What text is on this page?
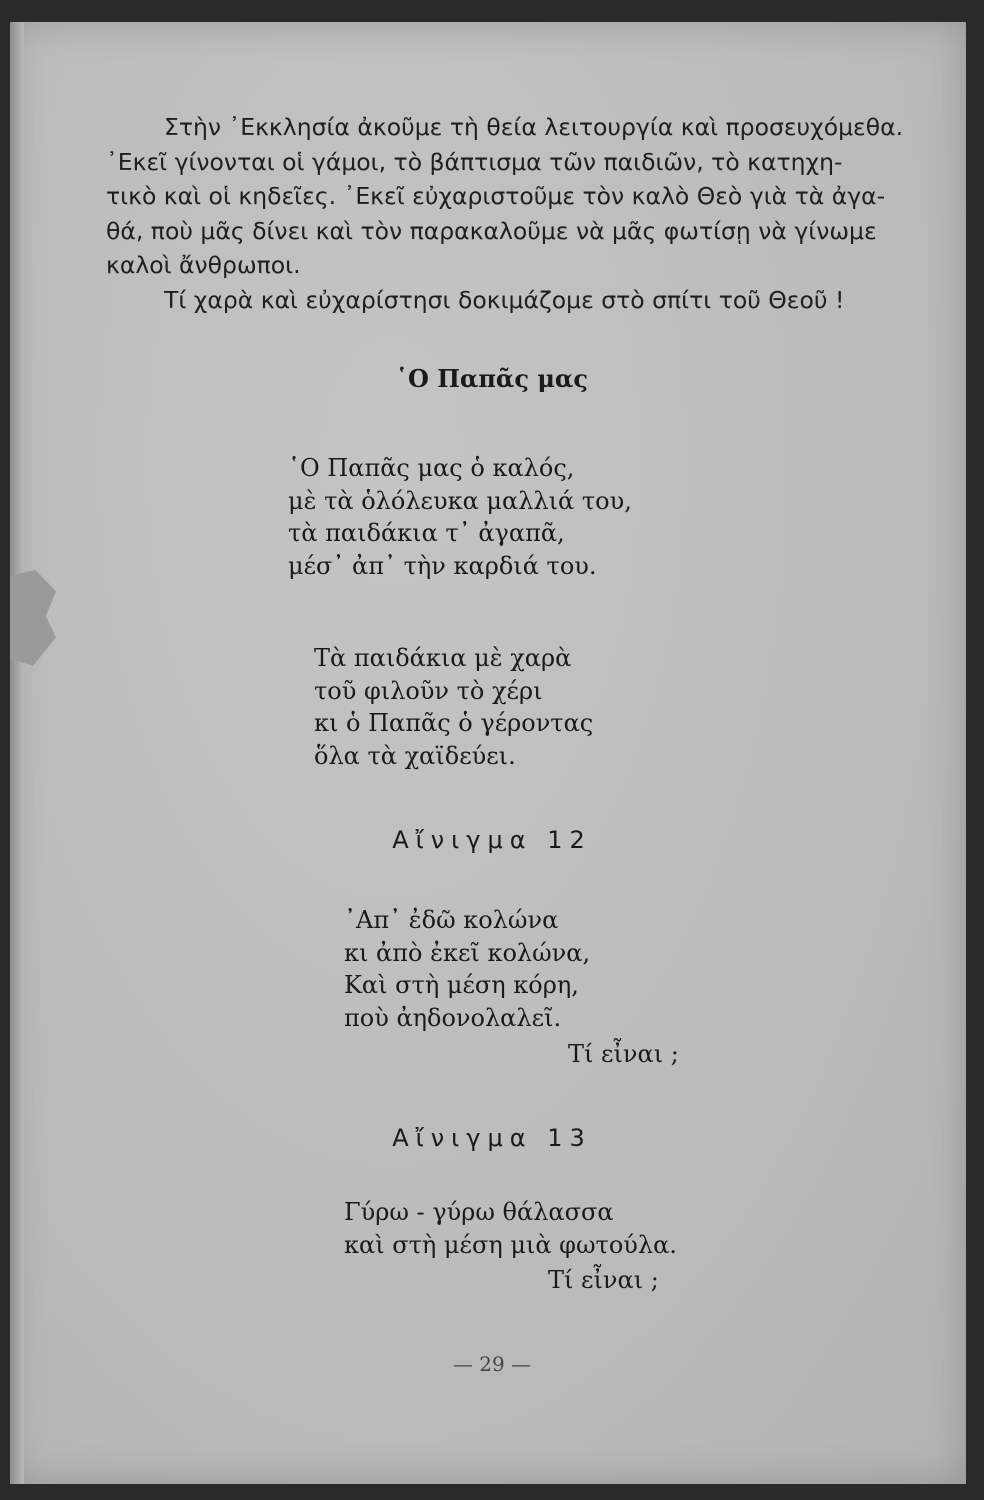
Στὴν ᾽Εκκλησία ἀκοῦμε τὴ θεία λειτουργία καὶ προσευχόμεθα.
᾽Εκεῖ γίνονται οἱ γάμοι, τὸ βάπτισμα τῶν παιδιῶν, τὸ κατηχη-
τικὸ καὶ οἱ κηδεῖες. ᾽Εκεῖ εὐχαριστοῦμε τὸν καλὸ Θεὸ γιὰ τὰ ἀγα-
θά, ποὺ μᾶς δίνει καὶ τὸν παρακαλοῦμε νὰ μᾶς φωτίσῃ νὰ γίνωμε
καλοὶ ἄνθρωποι.
Τί χαρὰ καὶ εὐχαρίστησι δοκιμάζομε στὸ σπίτι τοῦ Θεοῦ !
῾Ο Παπᾶς μας
῾Ο Παπᾶς μας ὁ καλός,
μὲ τὰ ὁλόλευκα μαλλιά του,
τὰ παιδάκια τ᾽ ἀγαπᾶ,
μέσ᾽ ἀπ᾽ τὴν καρδιά του.
Τὰ παιδάκια μὲ χαρὰ
τοῦ φιλοῦν τὸ χέρι
κι ὁ Παπᾶς ὁ γέροντας
ὅλα τὰ χαϊδεύει.
Αἴνιγμα 12
᾽Απ᾽ ἐδῶ κολώνα
κι ἀπὸ ἐκεῖ κολώνα,
Καὶ στὴ μέση κόρη,
ποὺ ἀηδονολαλεῖ.
Τί εἶναι ;
Αἴνιγμα 13
Γύρω - γύρω θάλασσα
καὶ στὴ μέση μιὰ φωτούλα.
Τί εἶναι ;
— 29 —
